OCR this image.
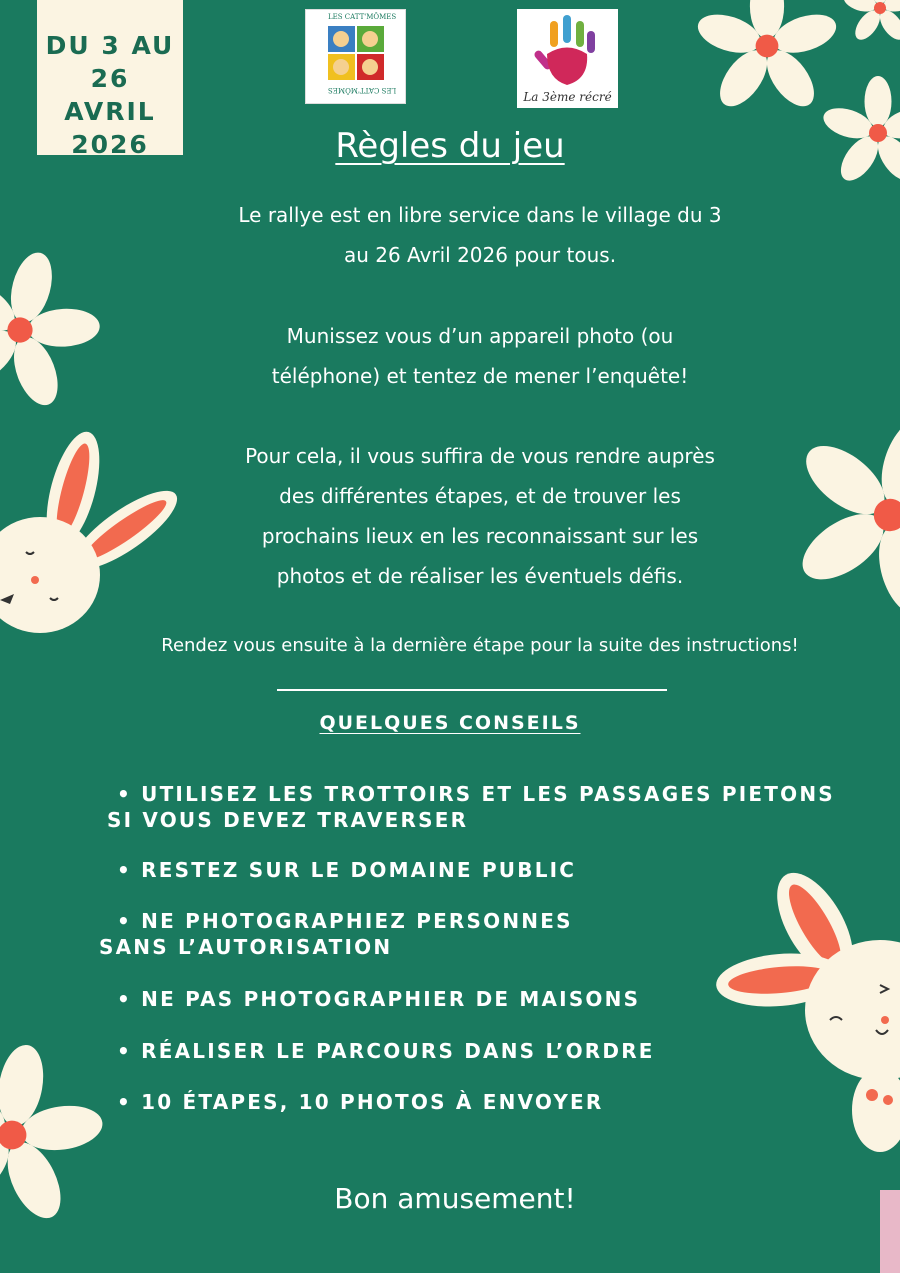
DU 3 AU
26
AVRIL
2026
LES CATT'MÔMES
LES CATT'MÔMES	La 3ème récré
Règles du jeu
Le rallye est en libre service dans le village du 3
au 26 Avril 2026 pour tous.
Munissez vous d’un appareil photo (ou
téléphone) et tentez de mener l’enquête!
Pour cela, il vous suffira de vous rendre auprès
des différentes étapes, et de trouver les
prochains lieux en les reconnaissant sur les
photos et de réaliser les éventuels défis.
Rendez vous ensuite à la dernière étape pour la suite des instructions!
QUELQUES CONSEILS
• UTILISEZ LES TROTTOIRS ET LES PASSAGES PIETONS
SI VOUS DEVEZ TRAVERSER
• RESTEZ SUR LE DOMAINE PUBLIC
• NE PHOTOGRAPHIEZ PERSONNES
SANS L’AUTORISATION
• NE PAS PHOTOGRAPHIER DE MAISONS
• RÉALISER LE PARCOURS DANS L’ORDRE
• 10 ÉTAPES, 10 PHOTOS À ENVOYER
Bon amusement!
